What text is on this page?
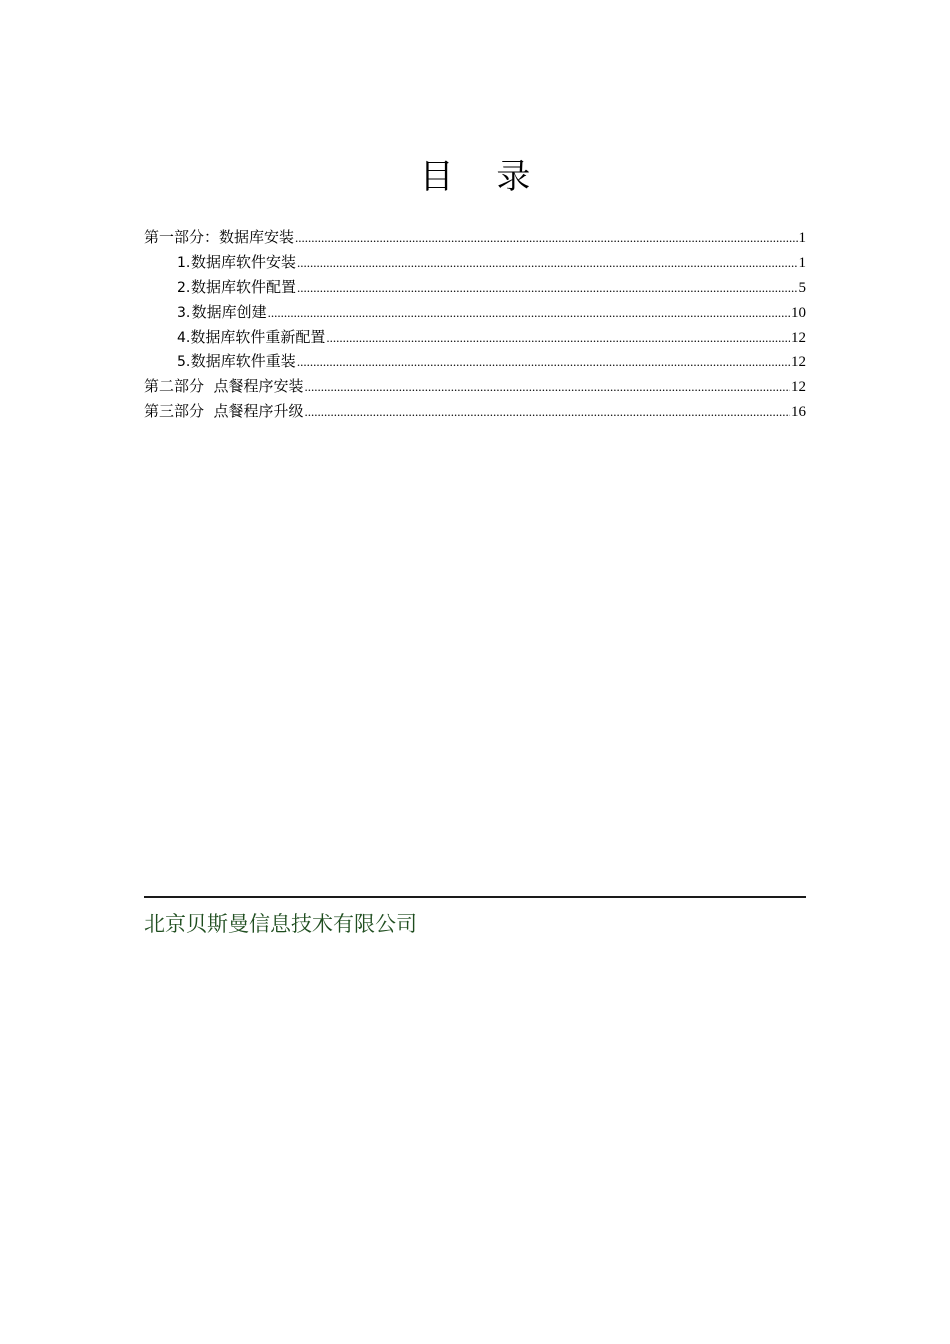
目 录
第一部分：数据库安装 .....	1
1. 数据库软件安装 .....	1
2. 数据库软件配置 .....	5
3. 数据库创建 .....	10
4. 数据库软件重新配置 .....	12
5. 数据库软件重装 .....	12
第二部分  点餐程序安装 .....	12
第三部分  点餐程序升级 .....	16
北京贝斯曼信息技术有限公司
